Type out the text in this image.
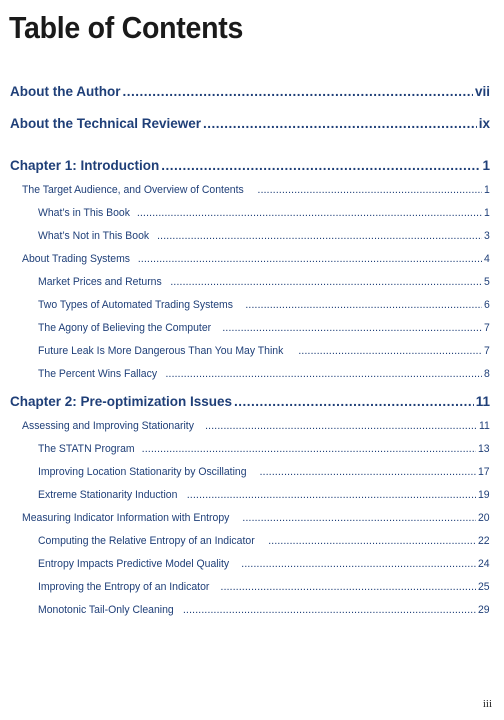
Table of Contents
About the Author .....	vii
About the Technical Reviewer .....	ix
Chapter 1: Introduction .....	1
The Target Audience, and Overview of Contents .....	1
What’s in This Book .....	1
What’s Not in This Book .....	3
About Trading Systems .....	4
Market Prices and Returns .....	5
Two Types of Automated Trading Systems .....	6
The Agony of Believing the Computer .....	7
Future Leak Is More Dangerous Than You May Think .....	7
The Percent Wins Fallacy .....	8
Chapter 2: Pre-optimization Issues .....	11
Assessing and Improving Stationarity .....	11
The STATN Program .....	13
Improving Location Stationarity by Oscillating .....	17
Extreme Stationarity Induction .....	19
Measuring Indicator Information with Entropy .....	20
Computing the Relative Entropy of an Indicator .....	22
Entropy Impacts Predictive Model Quality .....	24
Improving the Entropy of an Indicator .....	25
Monotonic Tail-Only Cleaning .....	29
iii
